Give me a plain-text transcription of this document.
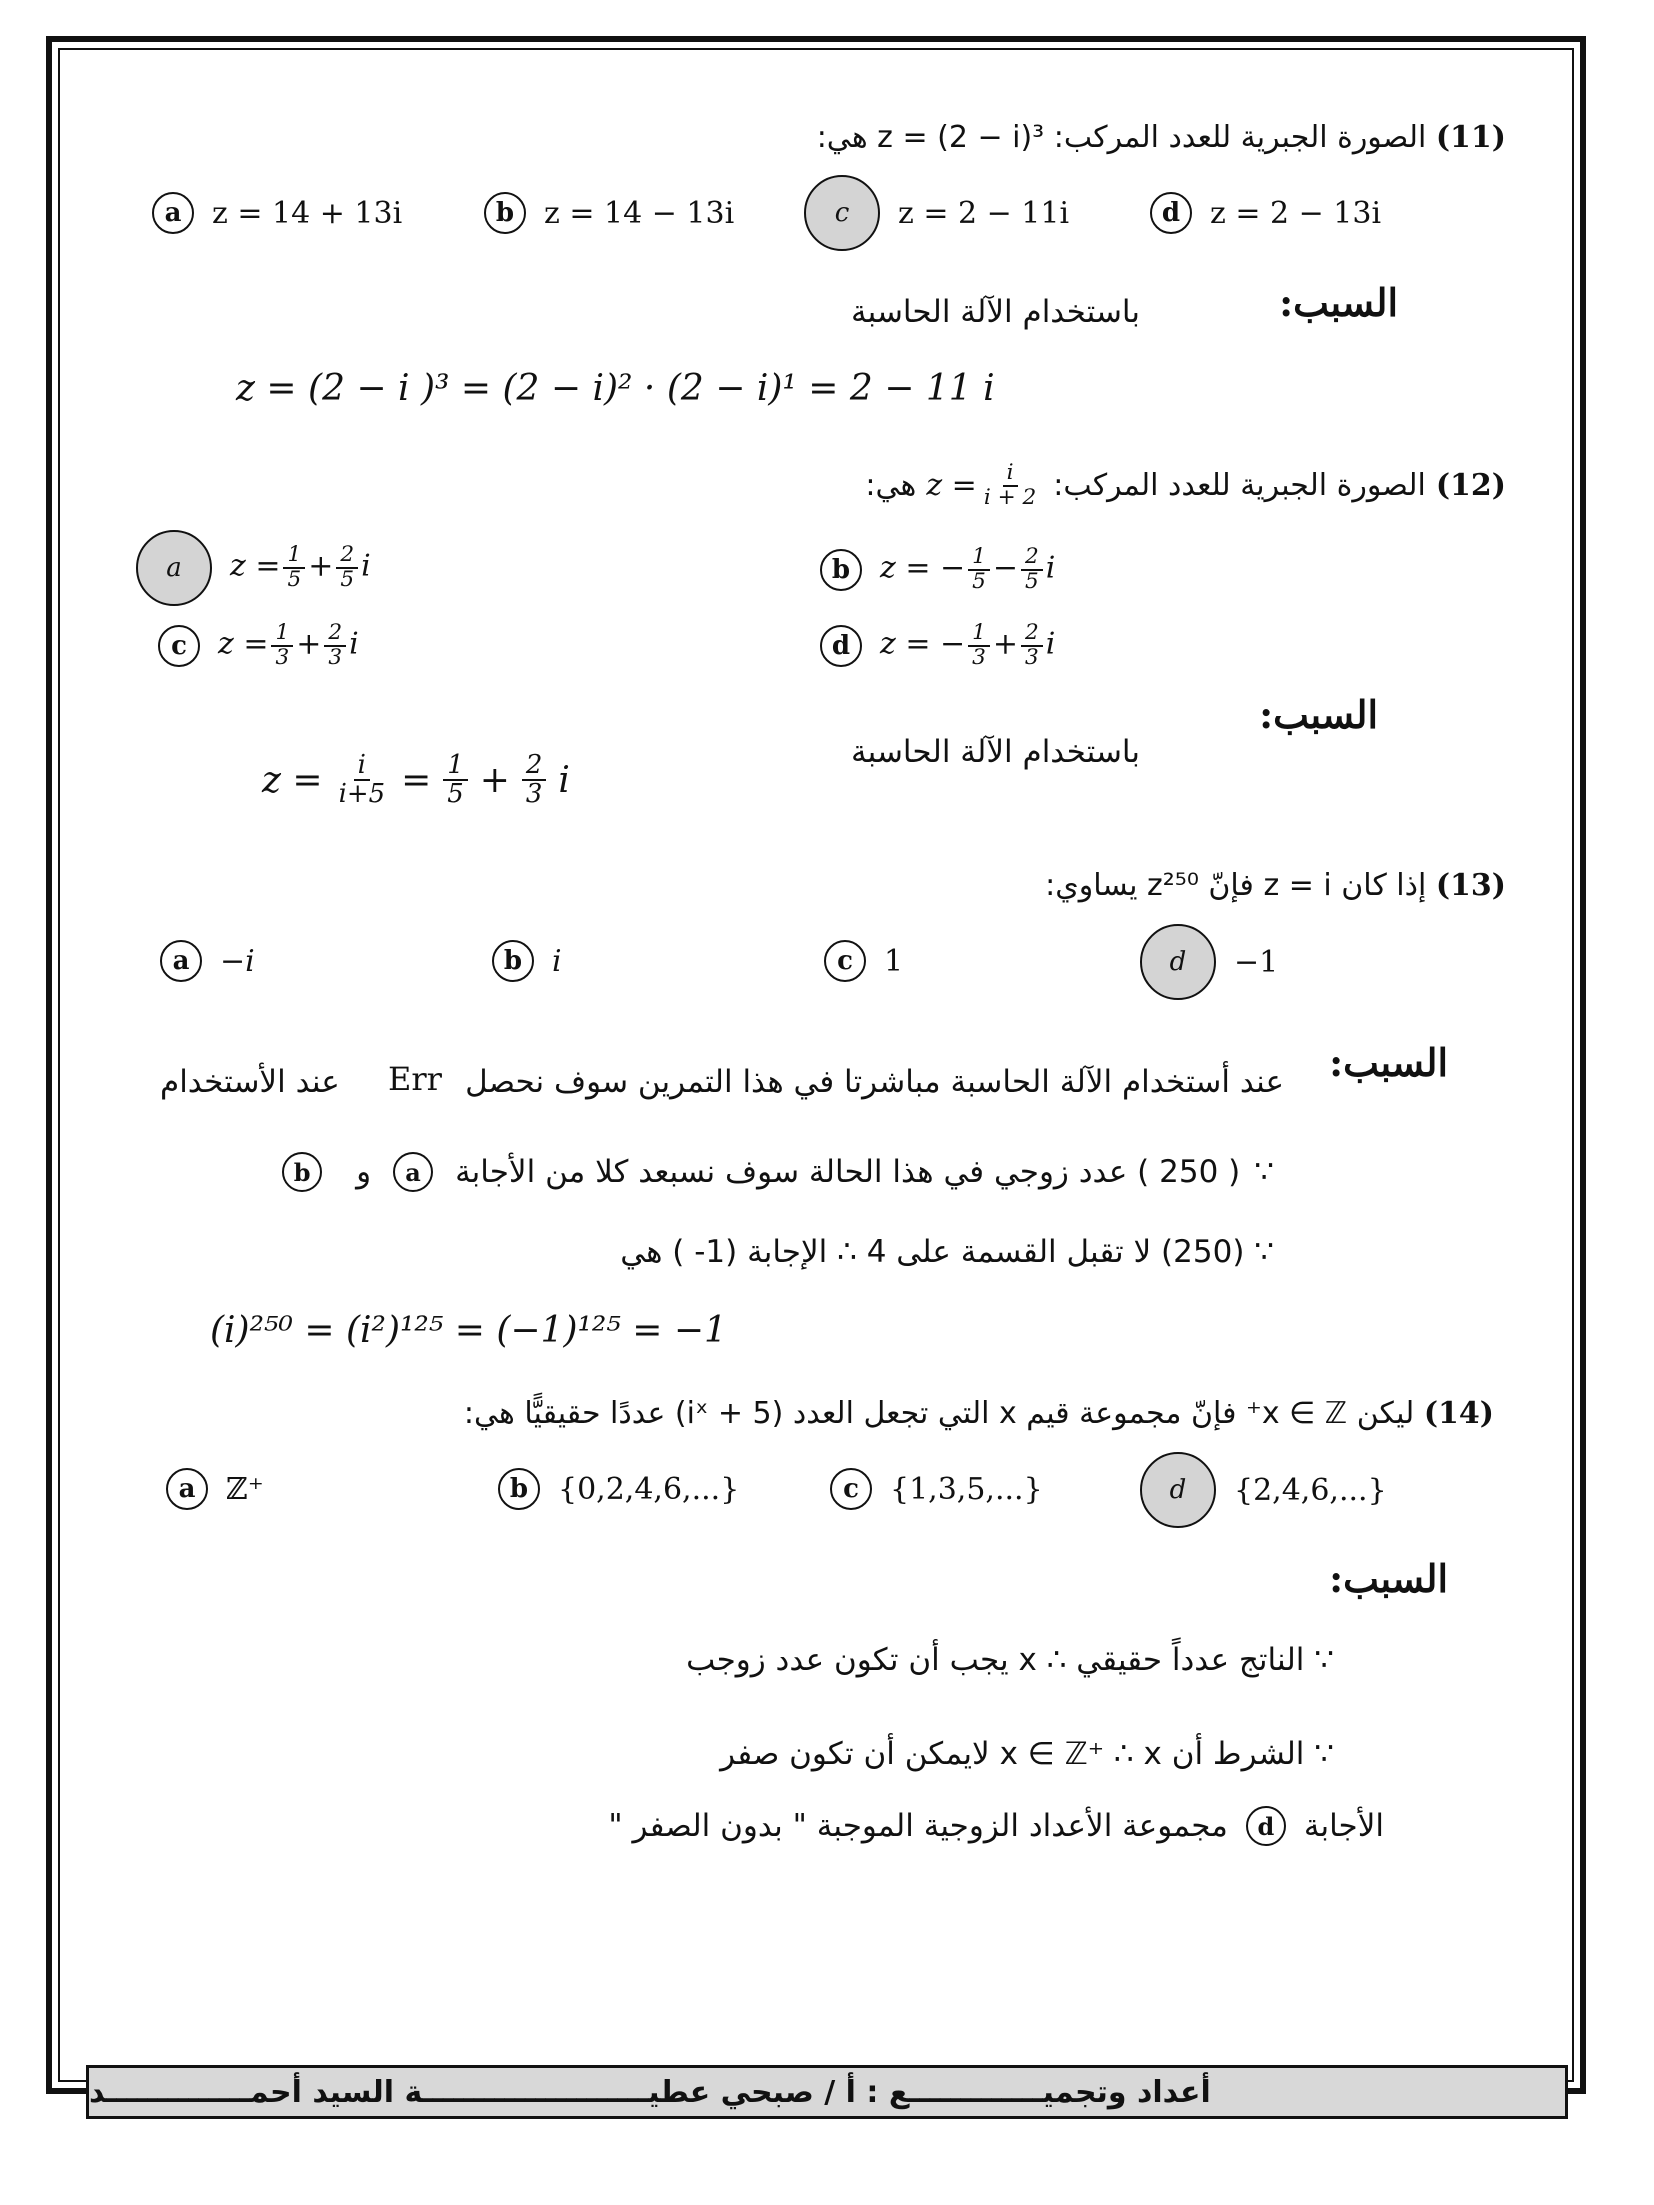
(11) الصورة الجبرية للعدد المركب: z = (2 − i)³ هي:
a	z = 14 + 13i	b z = 14 − 13i	c	z = 2 − 11i	d z = 2 − 13i
السبب:
باستخدام الآلة الحاسبة
z = (2 − i )³ = (2 − i)² · (2 − i)¹ = 2 − 11 i
(12)
الصورة الجبرية للعدد المركب:
$z = \frac{i}{i + 2}$
هي:
a	$z = \frac{1}{5} + \frac{2}{5}$ i	b z = − $\frac{1}{5} - \frac{2}{5}$ i
c	$z = \frac{1}{3} + \frac{2}{3}$ i	d z = − $\frac{1}{3} + \frac{2}{3}$ i
السبب:
باستخدام الآلة الحاسبة
$z = \frac{i}{i+5} = \frac{1}{5} + \frac{2}{3}$ i
(13) إذا كان z = i فإنّ z²⁵⁰ يساوي:
a	−i	b i	c	1	d	−1
السبب:
عند أستخدام الآلة الحاسبة مباشرتا في هذا التمرين سوف نحصل
Err
عند الأستخدام
∵
( 250 ) عدد زوجي في هذا الحالة سوف نسبعد كلا من الأجابة
a
و
b
∵ (250) لا تقبل القسمة على 4 ∴ الإجابة (1- ) هي
(i)²⁵⁰ = (i²)¹²⁵ = (−1)¹²⁵ = −1
(14) ليكن x ∈ ℤ⁺ فإنّ مجموعة قيم x التي تجعل العدد (5 + iˣ) عددًا حقيقيًّا هي:
a	ℤ⁺	b {0,2,4,6,...}	c	{1,3,5,...}	d	{2,4,6,...}
السبب:
∵ الناتج عدداً حقيقي ∴ x يجب أن تكون عدد زوجب
∵ الشرط أن x ∈ ℤ⁺ ∴ x لايمكن أن تكون صفر
الأجابة
d
مجموعة الأعداد الزوجية الموجبة " بدون الصفر "
أعداد وتجميـــــــــــــع : أ / صبحي عطيــــــــــــــــــــــة السيد أحمــــــــــــــد
